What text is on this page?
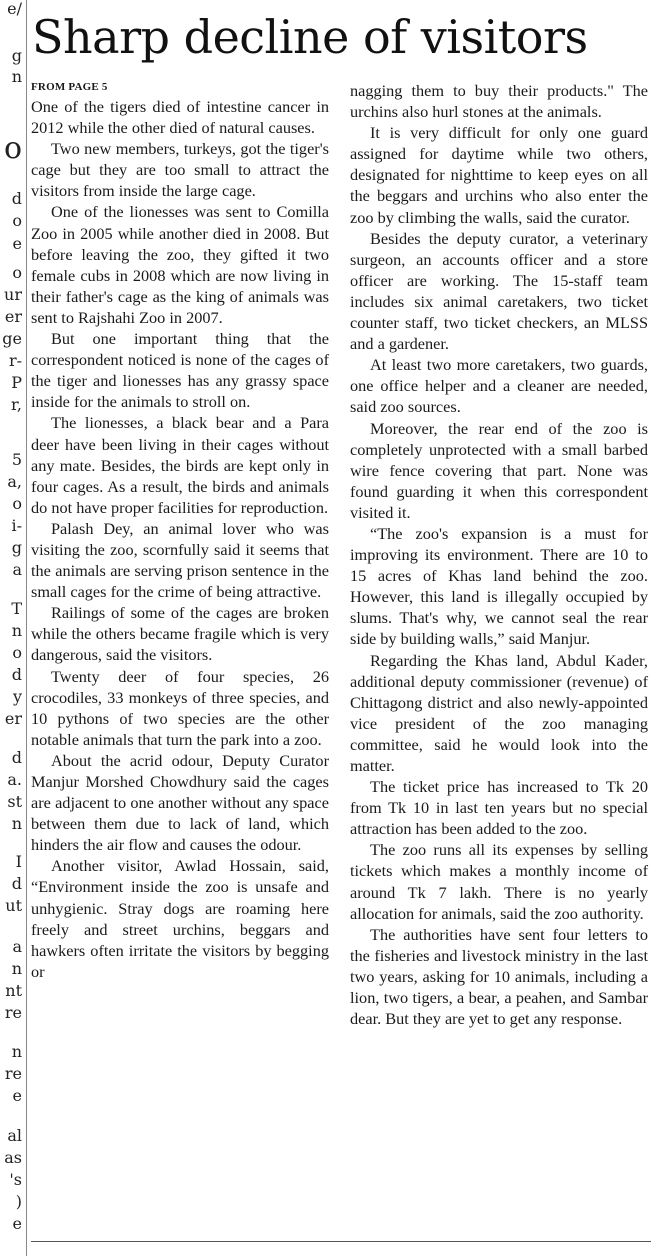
e/
g
n
o
d
o
e
o
ur
er
ge
r-
P
r,
5
a,
o
i-
g
a
T
n
o
d
y
er
d
a.
st
n
I
d
ut
a
n
nt
re
n
re
e
al
as
's
)
e
Sharp decline of visitors
FROM PAGE 5

One of the tigers died of intestine cancer in 2012 while the other died of natural causes.

Two new members, turkeys, got the tiger's cage but they are too small to attract the visitors from inside the large cage.

One of the lionesses was sent to Comilla Zoo in 2005 while another died in 2008. But before leaving the zoo, they gifted it two female cubs in 2008 which are now living in their father's cage as the king of animals was sent to Rajshahi Zoo in 2007.

But one important thing that the correspondent noticed is none of the cages of the tiger and lionesses has any grassy space inside for the animals to stroll on.

The lionesses, a black bear and a Para deer have been living in their cages without any mate. Besides, the birds are kept only in four cages. As a result, the birds and animals do not have proper facilities for reproduction.

Palash Dey, an animal lover who was visiting the zoo, scornfully said it seems that the animals are serving prison sentence in the small cages for the crime of being attractive.

Railings of some of the cages are broken while the others became fragile which is very dangerous, said the visitors.

Twenty deer of four species, 26 crocodiles, 33 monkeys of three species, and 10 pythons of two species are the other notable animals that turn the park into a zoo.

About the acrid odour, Deputy Curator Manjur Morshed Chowdhury said the cages are adjacent to one another without any space between them due to lack of land, which hinders the air flow and causes the odour.

Another visitor, Awlad Hossain, said, “Environment inside the zoo is unsafe and unhygienic. Stray dogs are roaming here freely and street urchins, beggars and hawkers often irritate the visitors by begging or

nagging them to buy their products." The urchins also hurl stones at the animals.

It is very difficult for only one guard assigned for daytime while two others, designated for nighttime to keep eyes on all the beggars and urchins who also enter the zoo by climbing the walls, said the curator.

Besides the deputy curator, a veterinary surgeon, an accounts officer and a store officer are working. The 15-staff team includes six animal caretakers, two ticket counter staff, two ticket checkers, an MLSS and a gardener.

At least two more caretakers, two guards, one office helper and a cleaner are needed, said zoo sources.

Moreover, the rear end of the zoo is completely unprotected with a small barbed wire fence covering that part. None was found guarding it when this correspondent visited it.

“The zoo's expansion is a must for improving its environment. There are 10 to 15 acres of Khas land behind the zoo. However, this land is illegally occupied by slums. That's why, we cannot seal the rear side by building walls,” said Manjur.

Regarding the Khas land, Abdul Kader, additional deputy commissioner (revenue) of Chittagong district and also newly-appointed vice president of the zoo managing committee, said he would look into the matter.

The ticket price has increased to Tk 20 from Tk 10 in last ten years but no special attraction has been added to the zoo.

The zoo runs all its expenses by selling tickets which makes a monthly income of around Tk 7 lakh. There is no yearly allocation for animals, said the zoo authority.

The authorities have sent four letters to the fisheries and livestock ministry in the last two years, asking for 10 animals, including a lion, two tigers, a bear, a peahen, and Sambar dear. But they are yet to get any response.
